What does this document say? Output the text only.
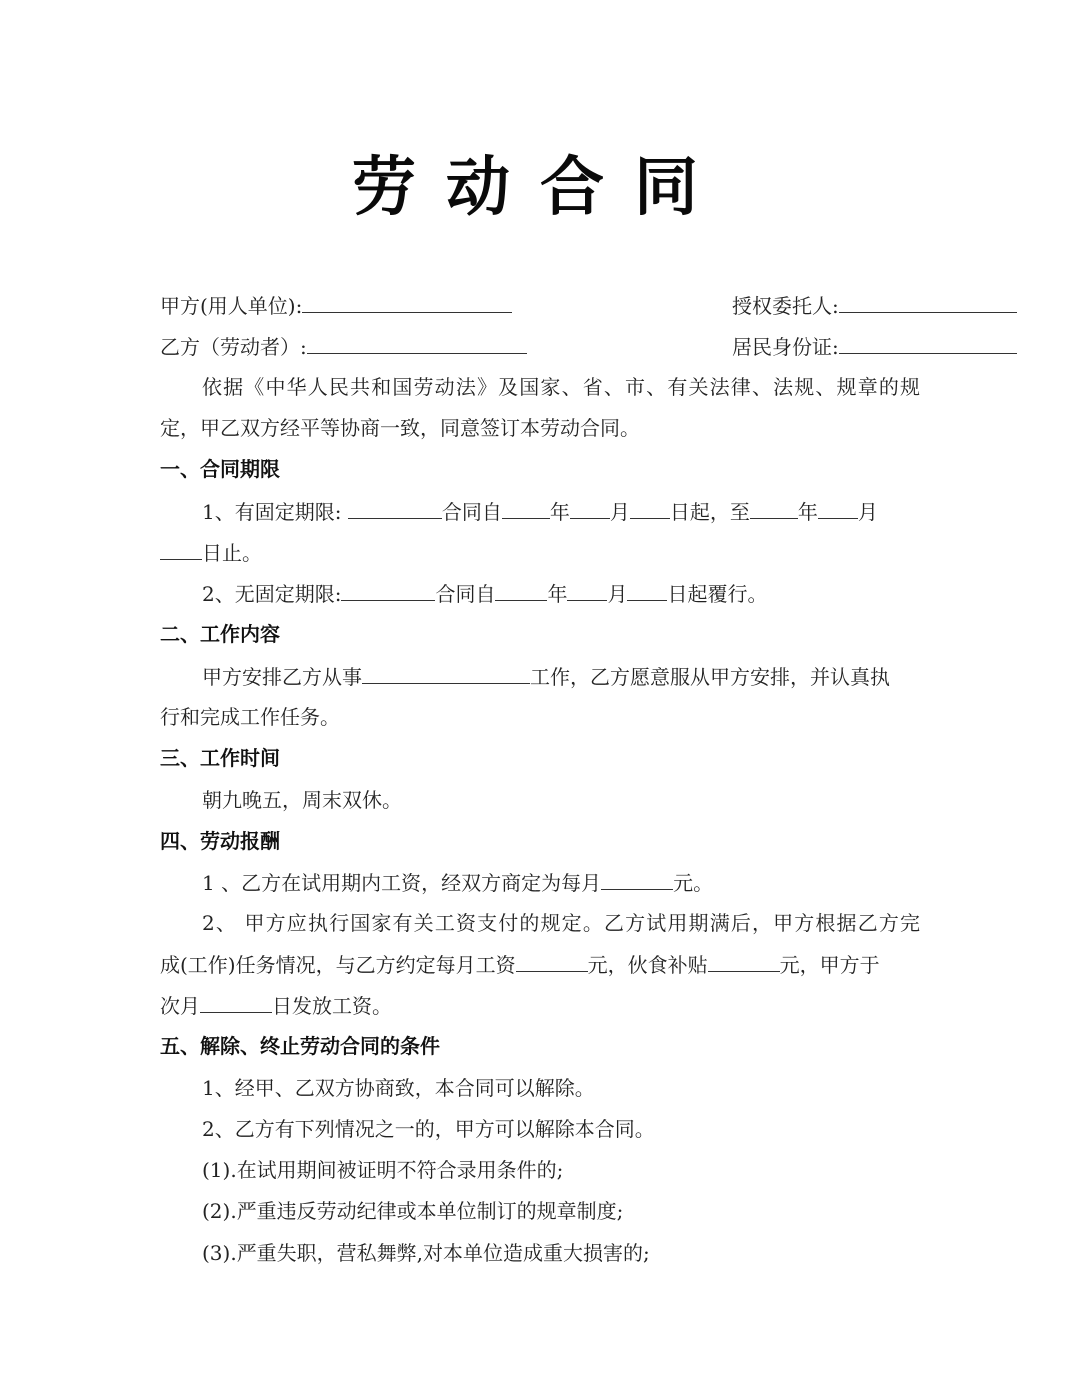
劳动合同
甲方(用人单位):	授权委托人:
乙方（劳动者）:	居民身份证:
依据《中华人民共和国劳动法》及国家、省、市、有关法律、法规、规章的规
定，甲乙双方经平等协商一致，同意签订本劳动合同。
一、合同期限
1、有固定期限:	合同自 年 月 日起，至 年 月
日止。
2、无固定期限:	合同自	年 月 日起覆行。
二、工作内容
甲方安排乙方从事	工作，乙方愿意服从甲方安排，并认真执
行和完成工作任务。
三、工作时间
朝九晚五，周末双休。
四、劳动报酬
1 、乙方在试用期内工资，经双方商定为每月	元。
2、 甲方应执行国家有关工资支付的规定。乙方试用期满后，甲方根据乙方完
成(工作)任务情况，与乙方约定每月工资	元，伙食补贴	元，甲方于
次月	日发放工资。
五、解除、终止劳动合同的条件
1、经甲、乙双方协商致，本合同可以解除。
2、乙方有下列情况之一的，甲方可以解除本合同。
(1).在试用期间被证明不符合录用条件的;
(2).严重违反劳动纪律或本单位制订的规章制度;
(3).严重失职，营私舞弊,对本单位造成重大损害的;
